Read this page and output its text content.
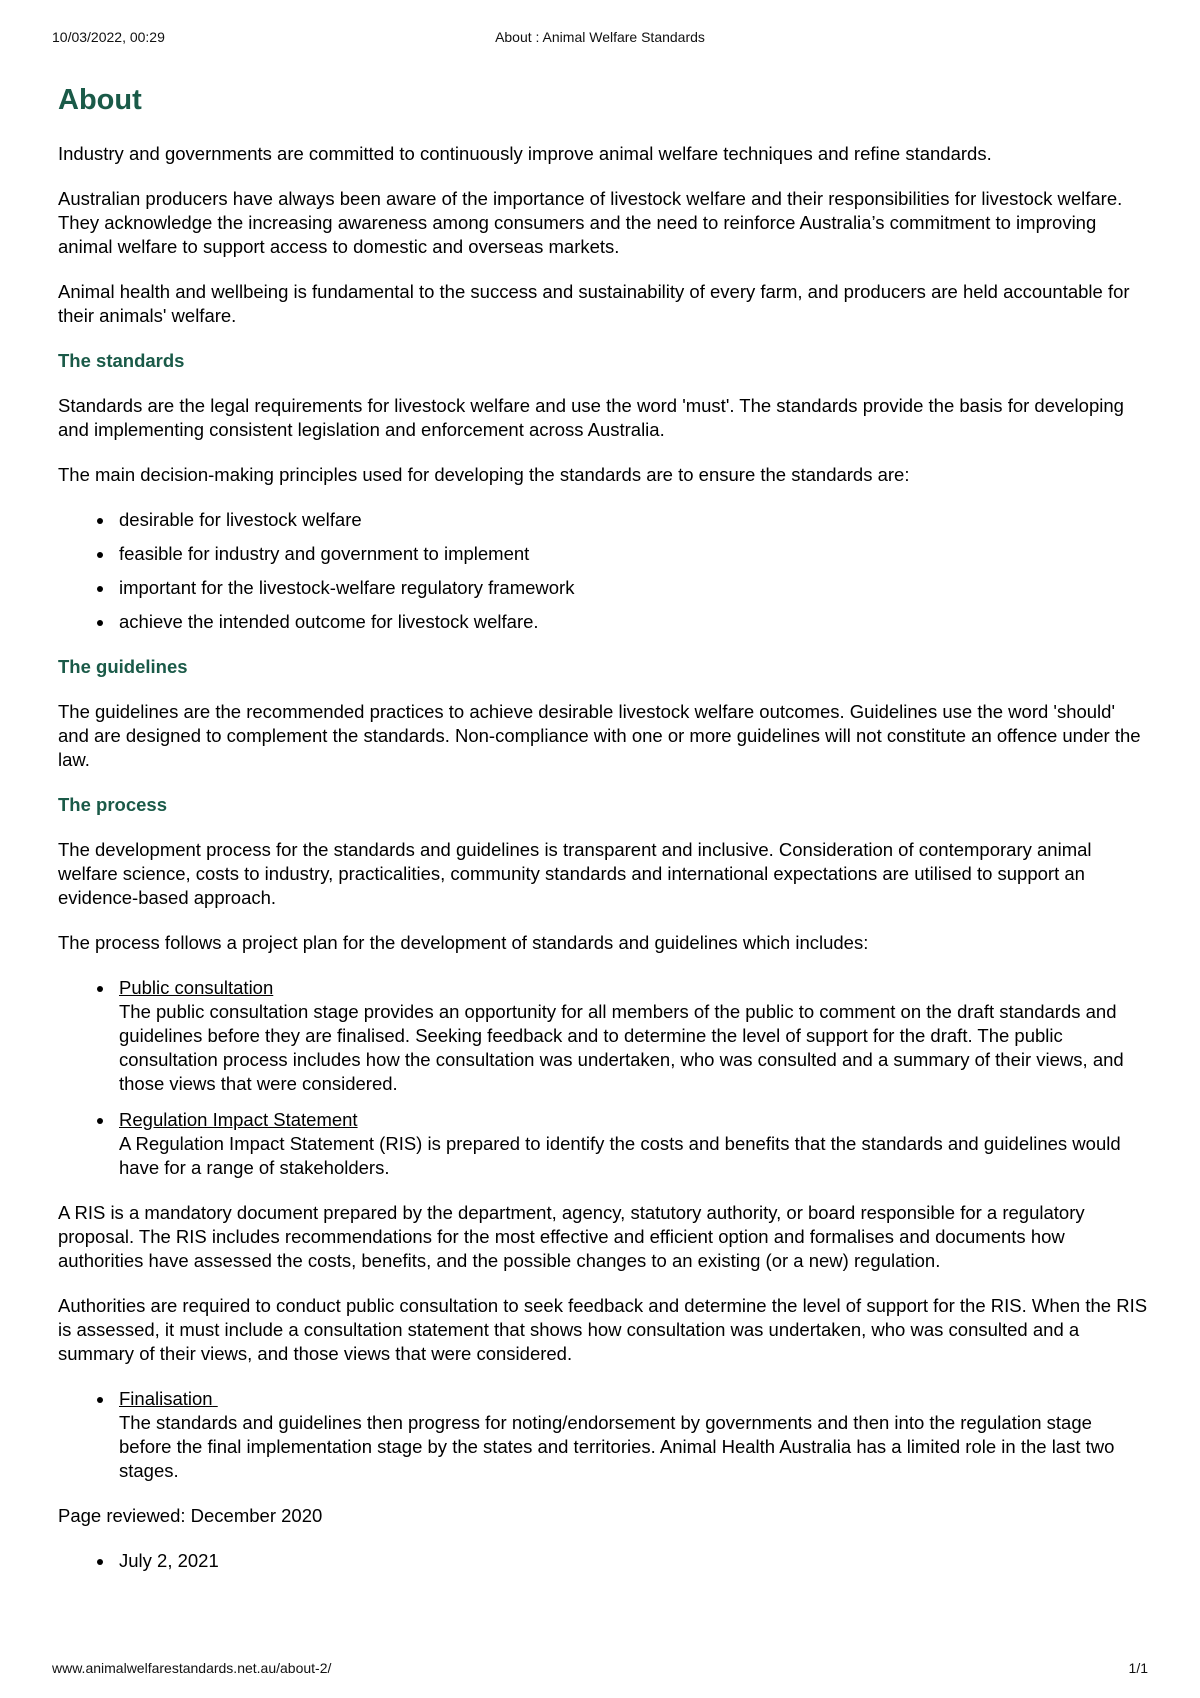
10/03/2022, 00:29	About : Animal Welfare Standards
About

Industry and governments are committed to continuously improve animal welfare techniques and refine standards.

Australian producers have always been aware of the importance of livestock welfare and their responsibilities for livestock welfare. They acknowledge the increasing awareness among consumers and the need to reinforce Australia’s commitment to improving animal welfare to support access to domestic and overseas markets.

Animal health and wellbeing is fundamental to the success and sustainability of every farm, and producers are held accountable for their animals' welfare.

The standards

Standards are the legal requirements for livestock welfare and use the word 'must'. The standards provide the basis for developing and implementing consistent legislation and enforcement across Australia.

The main decision-making principles used for developing the standards are to ensure the standards are:

desirable for livestock welfare
feasible for industry and government to implement
important for the livestock-welfare regulatory framework
achieve the intended outcome for livestock welfare.
The guidelines

The guidelines are the recommended practices to achieve desirable livestock welfare outcomes. Guidelines use the word 'should' and are designed to complement the standards. Non-compliance with one or more guidelines will not constitute an offence under the law.

The process

The development process for the standards and guidelines is transparent and inclusive. Consideration of contemporary animal welfare science, costs to industry, practicalities, community standards and international expectations are utilised to support an evidence-based approach.

The process follows a project plan for the development of standards and guidelines which includes:

Public consultation
The public consultation stage provides an opportunity for all members of the public to comment on the draft standards and guidelines before they are finalised. Seeking feedback and to determine the level of support for the draft. The public consultation process includes how the consultation was undertaken, who was consulted and a summary of their views, and those views that were considered.
Regulation Impact Statement
A Regulation Impact Statement (RIS) is prepared to identify the costs and benefits that the standards and guidelines would have for a range of stakeholders.

A RIS is a mandatory document prepared by the department, agency, statutory authority, or board responsible for a regulatory proposal. The RIS includes recommendations for the most effective and efficient option and formalises and documents how authorities have assessed the costs, benefits, and the possible changes to an existing (or a new) regulation.

Authorities are required to conduct public consultation to seek feedback and determine the level of support for the RIS. When the RIS is assessed, it must include a consultation statement that shows how consultation was undertaken, who was consulted and a summary of their views, and those views that were considered.

Finalisation
The standards and guidelines then progress for noting/endorsement by governments and then into the regulation stage before the final implementation stage by the states and territories. Animal Health Australia has a limited role in the last two stages.

Page reviewed: December 2020

July 2, 2021
www.animalwelfarestandards.net.au/about-2/	1/1
